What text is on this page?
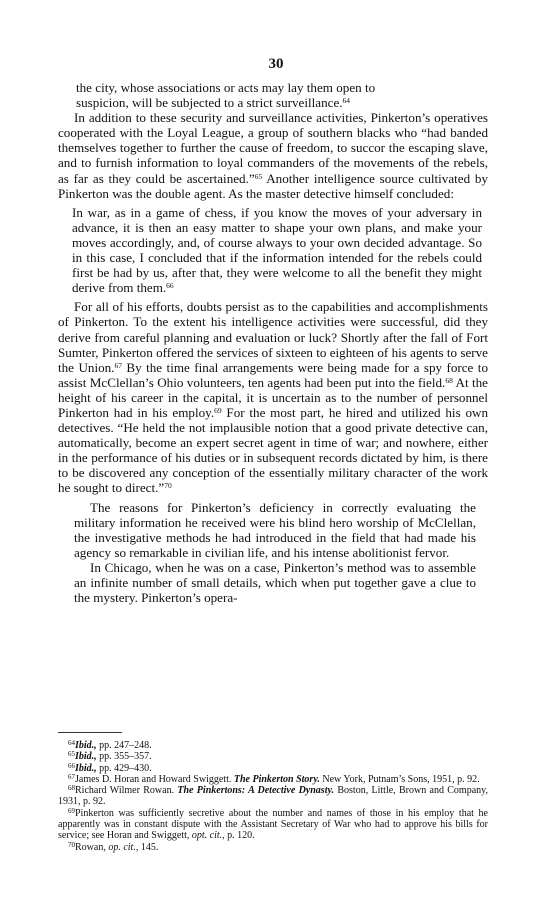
30
the city, whose associations or acts may lay them open to
suspicion, will be subjected to a strict surveillance.$^{64}$

In addition to these security and surveillance activities, Pinkerton’s operatives cooperated with the Loyal League, a group of southern blacks who “had banded themselves together to further the cause of freedom, to succor the escaping slave, and to furnish information to loyal commanders of the movements of the rebels, as far as they could be ascertained.”$^{65}$ Another intelligence source cultivated by Pinkerton was the double agent. As the master detective himself concluded:

In war, as in a game of chess, if you know the moves of your adversary in advance, it is then an easy matter to shape your own plans, and make your moves accordingly, and, of course always to your own decided advantage. So in this case, I concluded that if the information intended for the rebels could first be had by us, after that, they were welcome to all the benefit they might derive from them.$^{66}$

For all of his efforts, doubts persist as to the capabilities and accomplishments of Pinkerton. To the extent his intelligence activities were successful, did they derive from careful planning and evaluation or luck? Shortly after the fall of Fort Sumter, Pinkerton offered the services of sixteen to eighteen of his agents to serve the Union.$^{67}$ By the time final arrangements were being made for a spy force to assist McClellan’s Ohio volunteers, ten agents had been put into the field.$^{68}$ At the height of his career in the capital, it is uncertain as to the number of personnel Pinkerton had in his employ.$^{69}$ For the most part, he hired and utilized his own detectives. “He held the not implausible notion that a good private detective can, automatically, become an expert secret agent in time of war; and nowhere, either in the performance of his duties or in subsequent records dictated by him, is there to be discovered any conception of the essentially military character of the work he sought to direct.”$^{70}$

The reasons for Pinkerton’s deficiency in correctly evaluating the military information he received were his blind hero worship of McClellan, the investigative methods he had introduced in the field that had made his agency so remarkable in civilian life, and his intense abolitionist fervor.

In Chicago, when he was on a case, Pinkerton’s method was to assemble an infinite number of small details, which when put together gave a clue to the mystery. Pinkerton’s opera-

$^{64}$Ibid., pp. 247–248.

$^{65}$Ibid., pp. 355–357.

$^{66}$Ibid., pp. 429–430.

$^{67}$James D. Horan and Howard Swiggett. The Pinkerton Story. New York, Putnam’s Sons, 1951, p. 92.

$^{68}$Richard Wilmer Rowan. The Pinkertons: A Detective Dynasty. Boston, Little, Brown and Company, 1931, p. 92.

$^{69}$Pinkerton was sufficiently secretive about the number and names of those in his employ that he apparently was in constant dispute with the Assistant Secretary of War who had to approve his bills for service; see Horan and Swiggett, opt. cit., p. 120.

$^{70}$Rowan, op. cit., 145.
